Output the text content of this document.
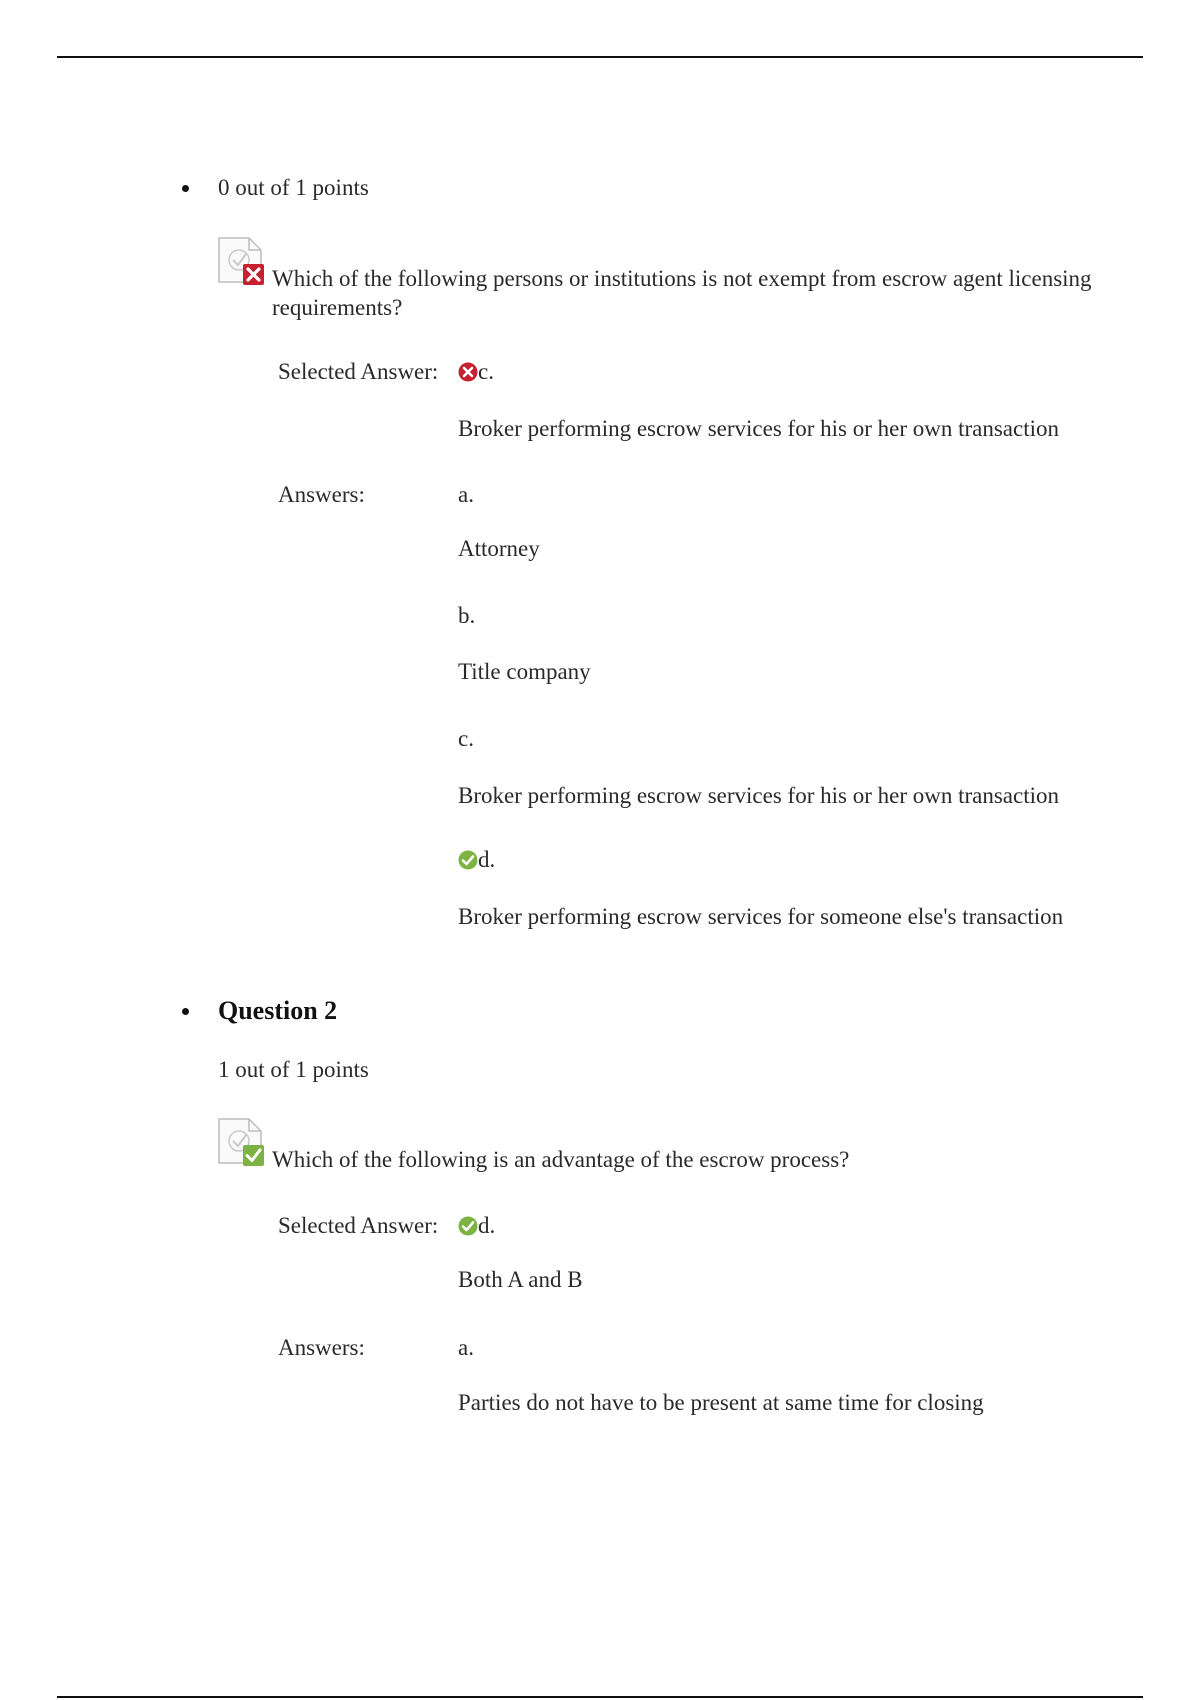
0 out of 1 points
Which of the following persons or institutions is not exempt from escrow agent licensing requirements?
Selected Answer:	c.
Broker performing escrow services for his or her own transaction
Answers:	a.
Attorney
b.
Title company
c.
Broker performing escrow services for his or her own transaction
d.
Broker performing escrow services for someone else's transaction
Question 2
1 out of 1 points
Which of the following is an advantage of the escrow process?
Selected Answer:	d.
Both A and B
Answers:	a.
Parties do not have to be present at same time for closing
